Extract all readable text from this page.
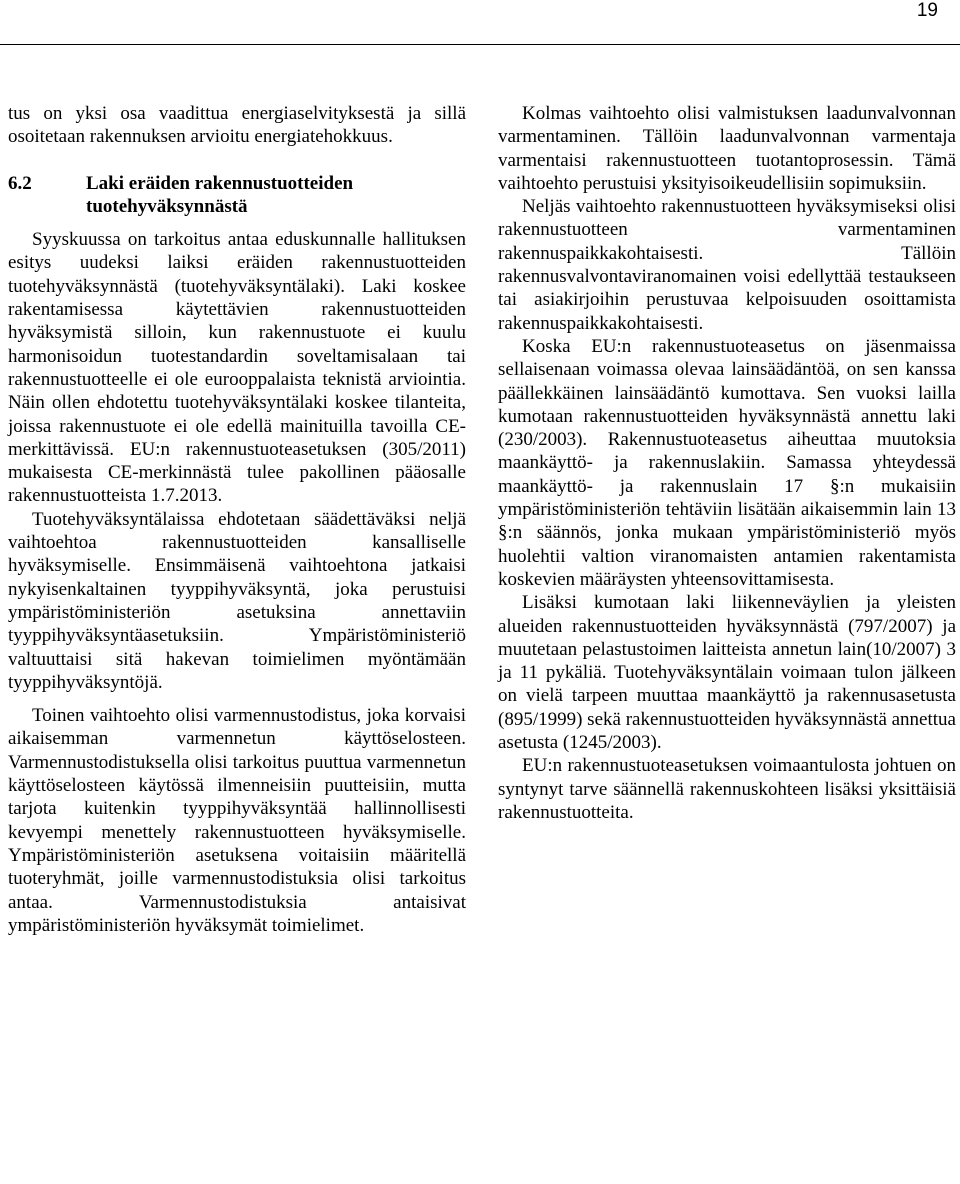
19

tus on yksi osa vaadittua energiaselvityksestä ja sillä osoitetaan rakennuksen arvioitu energiatehokkuus.

6.2	Laki eräiden rakennustuotteiden tuotehyväksynnästä

Syyskuussa on tarkoitus antaa eduskunnalle hallituksen esitys uudeksi laiksi eräiden rakennustuotteiden tuotehyväksynnästä (tuotehyväksyntälaki). Laki koskee rakentamisessa käytettävien rakennustuotteiden hyväksymistä silloin, kun rakennustuote ei kuulu harmonisoidun tuotestandardin soveltamisalaan tai rakennustuotteelle ei ole eurooppalaista teknistä arviointia. Näin ollen ehdotettu tuotehyväksyntälaki koskee tilanteita, joissa rakennustuote ei ole edellä mainituilla tavoilla CE-merkittävissä. EU:n rakennustuoteasetuksen (305/2011) mukaisesta CE-merkinnästä tulee pakollinen pääosalle rakennustuotteista 1.7.2013.

Tuotehyväksyntälaissa ehdotetaan säädettäväksi neljä vaihtoehtoa rakennustuotteiden kansalliselle hyväksymiselle. Ensimmäisenä vaihtoehtona jatkaisi nykyisenkaltainen tyyppihyväksyntä, joka perustuisi ympäristöministeriön asetuksina annettaviin tyyppihyväksyntäasetuksiin. Ympäristöministeriö valtuuttaisi sitä hakevan toimielimen myöntämään tyyppihyväksyntöjä.

Toinen vaihtoehto olisi varmennustodistus, joka korvaisi aikaisemman varmennetun käyttöselosteen. Varmennustodistuksella olisi tarkoitus puuttua varmennetun käyttöselosteen käytössä ilmenneisiin puutteisiin, mutta tarjota kuitenkin tyyppihyväksyntää hallinnollisesti kevyempi menettely rakennustuotteen hyväksymiselle. Ympäristöministeriön asetuksena voitaisiin määritellä tuoteryhmät, joille varmennustodistuksia olisi tarkoitus antaa. Varmennustodistuksia antaisivat ympäristöministeriön hyväksymät toimielimet.

Kolmas vaihtoehto olisi valmistuksen laadunvalvonnan varmentaminen. Tällöin laadunvalvonnan varmentaja varmentaisi rakennustuotteen tuotantoprosessin. Tämä vaihtoehto perustuisi yksityisoikeudellisiin sopimuksiin.

Neljäs vaihtoehto rakennustuotteen hyväksymiseksi olisi rakennustuotteen varmentaminen rakennuspaikkakohtaisesti. Tällöin rakennusvalvontaviranomainen voisi edellyttää testaukseen tai asiakirjoihin perustuvaa kelpoisuuden osoittamista rakennuspaikkakohtaisesti.

Koska EU:n rakennustuoteasetus on jäsenmaissa sellaisenaan voimassa olevaa lainsäädäntöä, on sen kanssa päällekkäinen lainsäädäntö kumottava. Sen vuoksi lailla kumotaan rakennustuotteiden hyväksynnästä annettu laki (230/2003). Rakennustuoteasetus aiheuttaa muutoksia maankäyttö- ja rakennuslakiin. Samassa yhteydessä maankäyttö- ja rakennuslain 17 §:n mukaisiin ympäristöministeriön tehtäviin lisätään aikaisemmin lain 13 §:n säännös, jonka mukaan ympäristöministeriö myös huolehtii valtion viranomaisten antamien rakentamista koskevien määräysten yhteensovittamisesta.

Lisäksi kumotaan laki liikenneväylien ja yleisten alueiden rakennustuotteiden hyväksynnästä (797/2007) ja muutetaan pelastustoimen laitteista annetun lain(10/2007) 3 ja 11 pykäliä. Tuotehyväksyntälain voimaan tulon jälkeen on vielä tarpeen muuttaa maankäyttö ja rakennusasetusta (895/1999) sekä rakennustuotteiden hyväksynnästä annettua asetusta (1245/2003).

EU:n rakennustuoteasetuksen voimaantulosta johtuen on syntynyt tarve säännellä rakennuskohteen lisäksi yksittäisiä rakennustuotteita.
